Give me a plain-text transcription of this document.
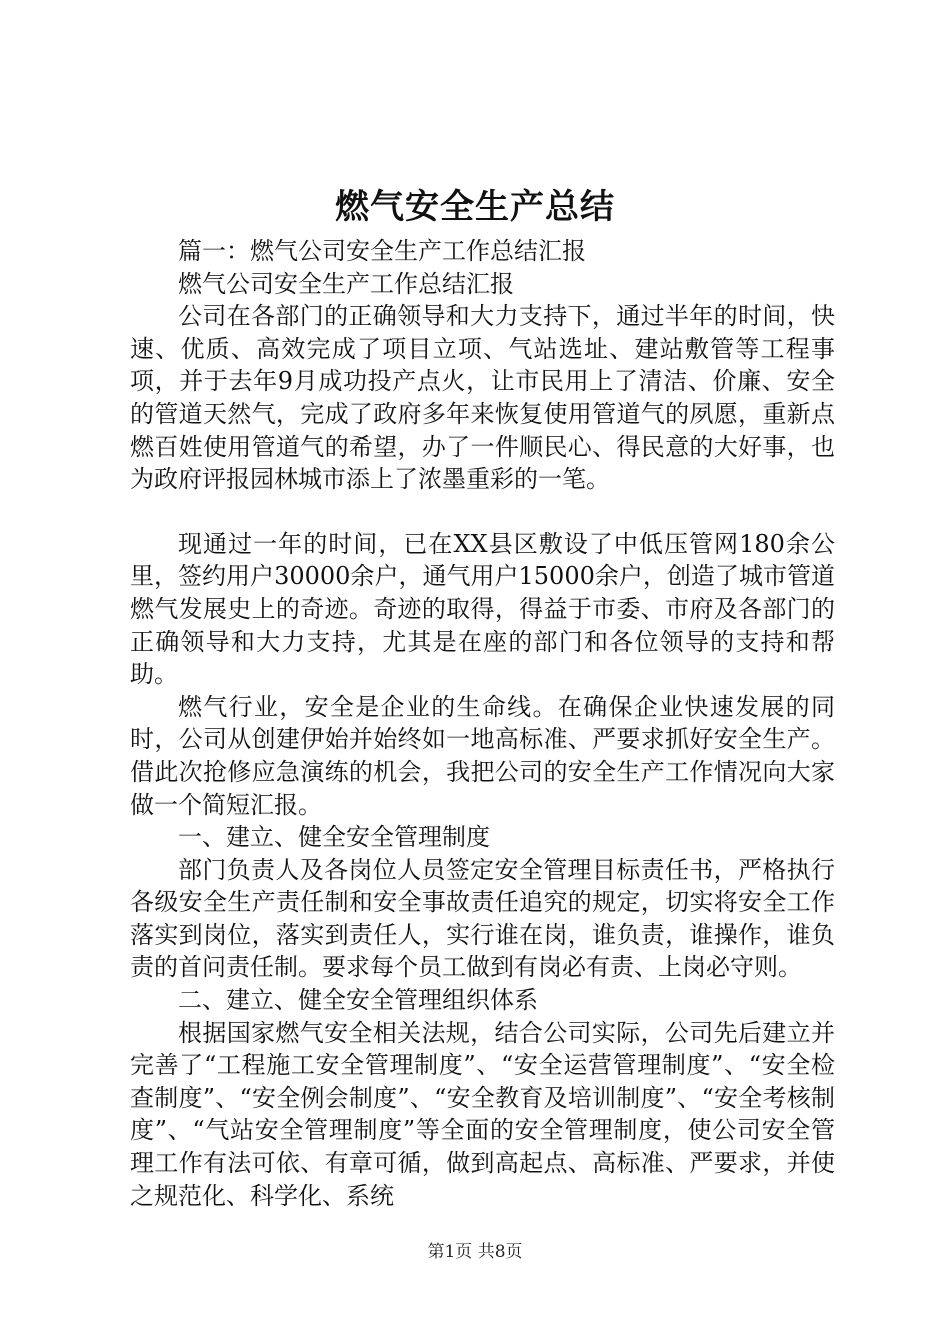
燃气安全生产总结

篇一：燃气公司安全生产工作总结汇报

燃气公司安全生产工作总结汇报

公司在各部门的正确领导和大力支持下，通过半年的时间，快速、优质、高效完成了项目立项、气站选址、建站敷管等工程事项，并于去年9月成功投产点火，让市民用上了清洁、价廉、安全的管道天然气，完成了政府多年来恢复使用管道气的夙愿，重新点燃百姓使用管道气的希望，办了一件顺民心、得民意的大好事，也为政府评报园林城市添上了浓墨重彩的一笔。

现通过一年的时间，已在XX县区敷设了中低压管网180余公里，签约用户30000余户，通气用户15000余户，创造了城市管道燃气发展史上的奇迹。奇迹的取得，得益于市委、市府及各部门的正确领导和大力支持，尤其是在座的部门和各位领导的支持和帮助。

燃气行业，安全是企业的生命线。在确保企业快速发展的同时，公司从创建伊始并始终如一地高标准、严要求抓好安全生产。借此次抢修应急演练的机会，我把公司的安全生产工作情况向大家做一个简短汇报。

一、建立、健全安全管理制度

部门负责人及各岗位人员签定安全管理目标责任书，严格执行各级安全生产责任制和安全事故责任追究的规定，切实将安全工作落实到岗位，落实到责任人，实行谁在岗，谁负责，谁操作，谁负责的首问责任制。要求每个员工做到有岗必有责、上岗必守则。

二、建立、健全安全管理组织体系

根据国家燃气安全相关法规，结合公司实际，公司先后建立并完善了“工程施工安全管理制度”、“安全运营管理制度”、“安全检查制度”、“安全例会制度”、“安全教育及培训制度”、“安全考核制度”、“气站安全管理制度”等全面的安全管理制度，使公司安全管理工作有法可依、有章可循，做到高起点、高标准、严要求，并使之规范化、科学化、系统

第1页 共8页
